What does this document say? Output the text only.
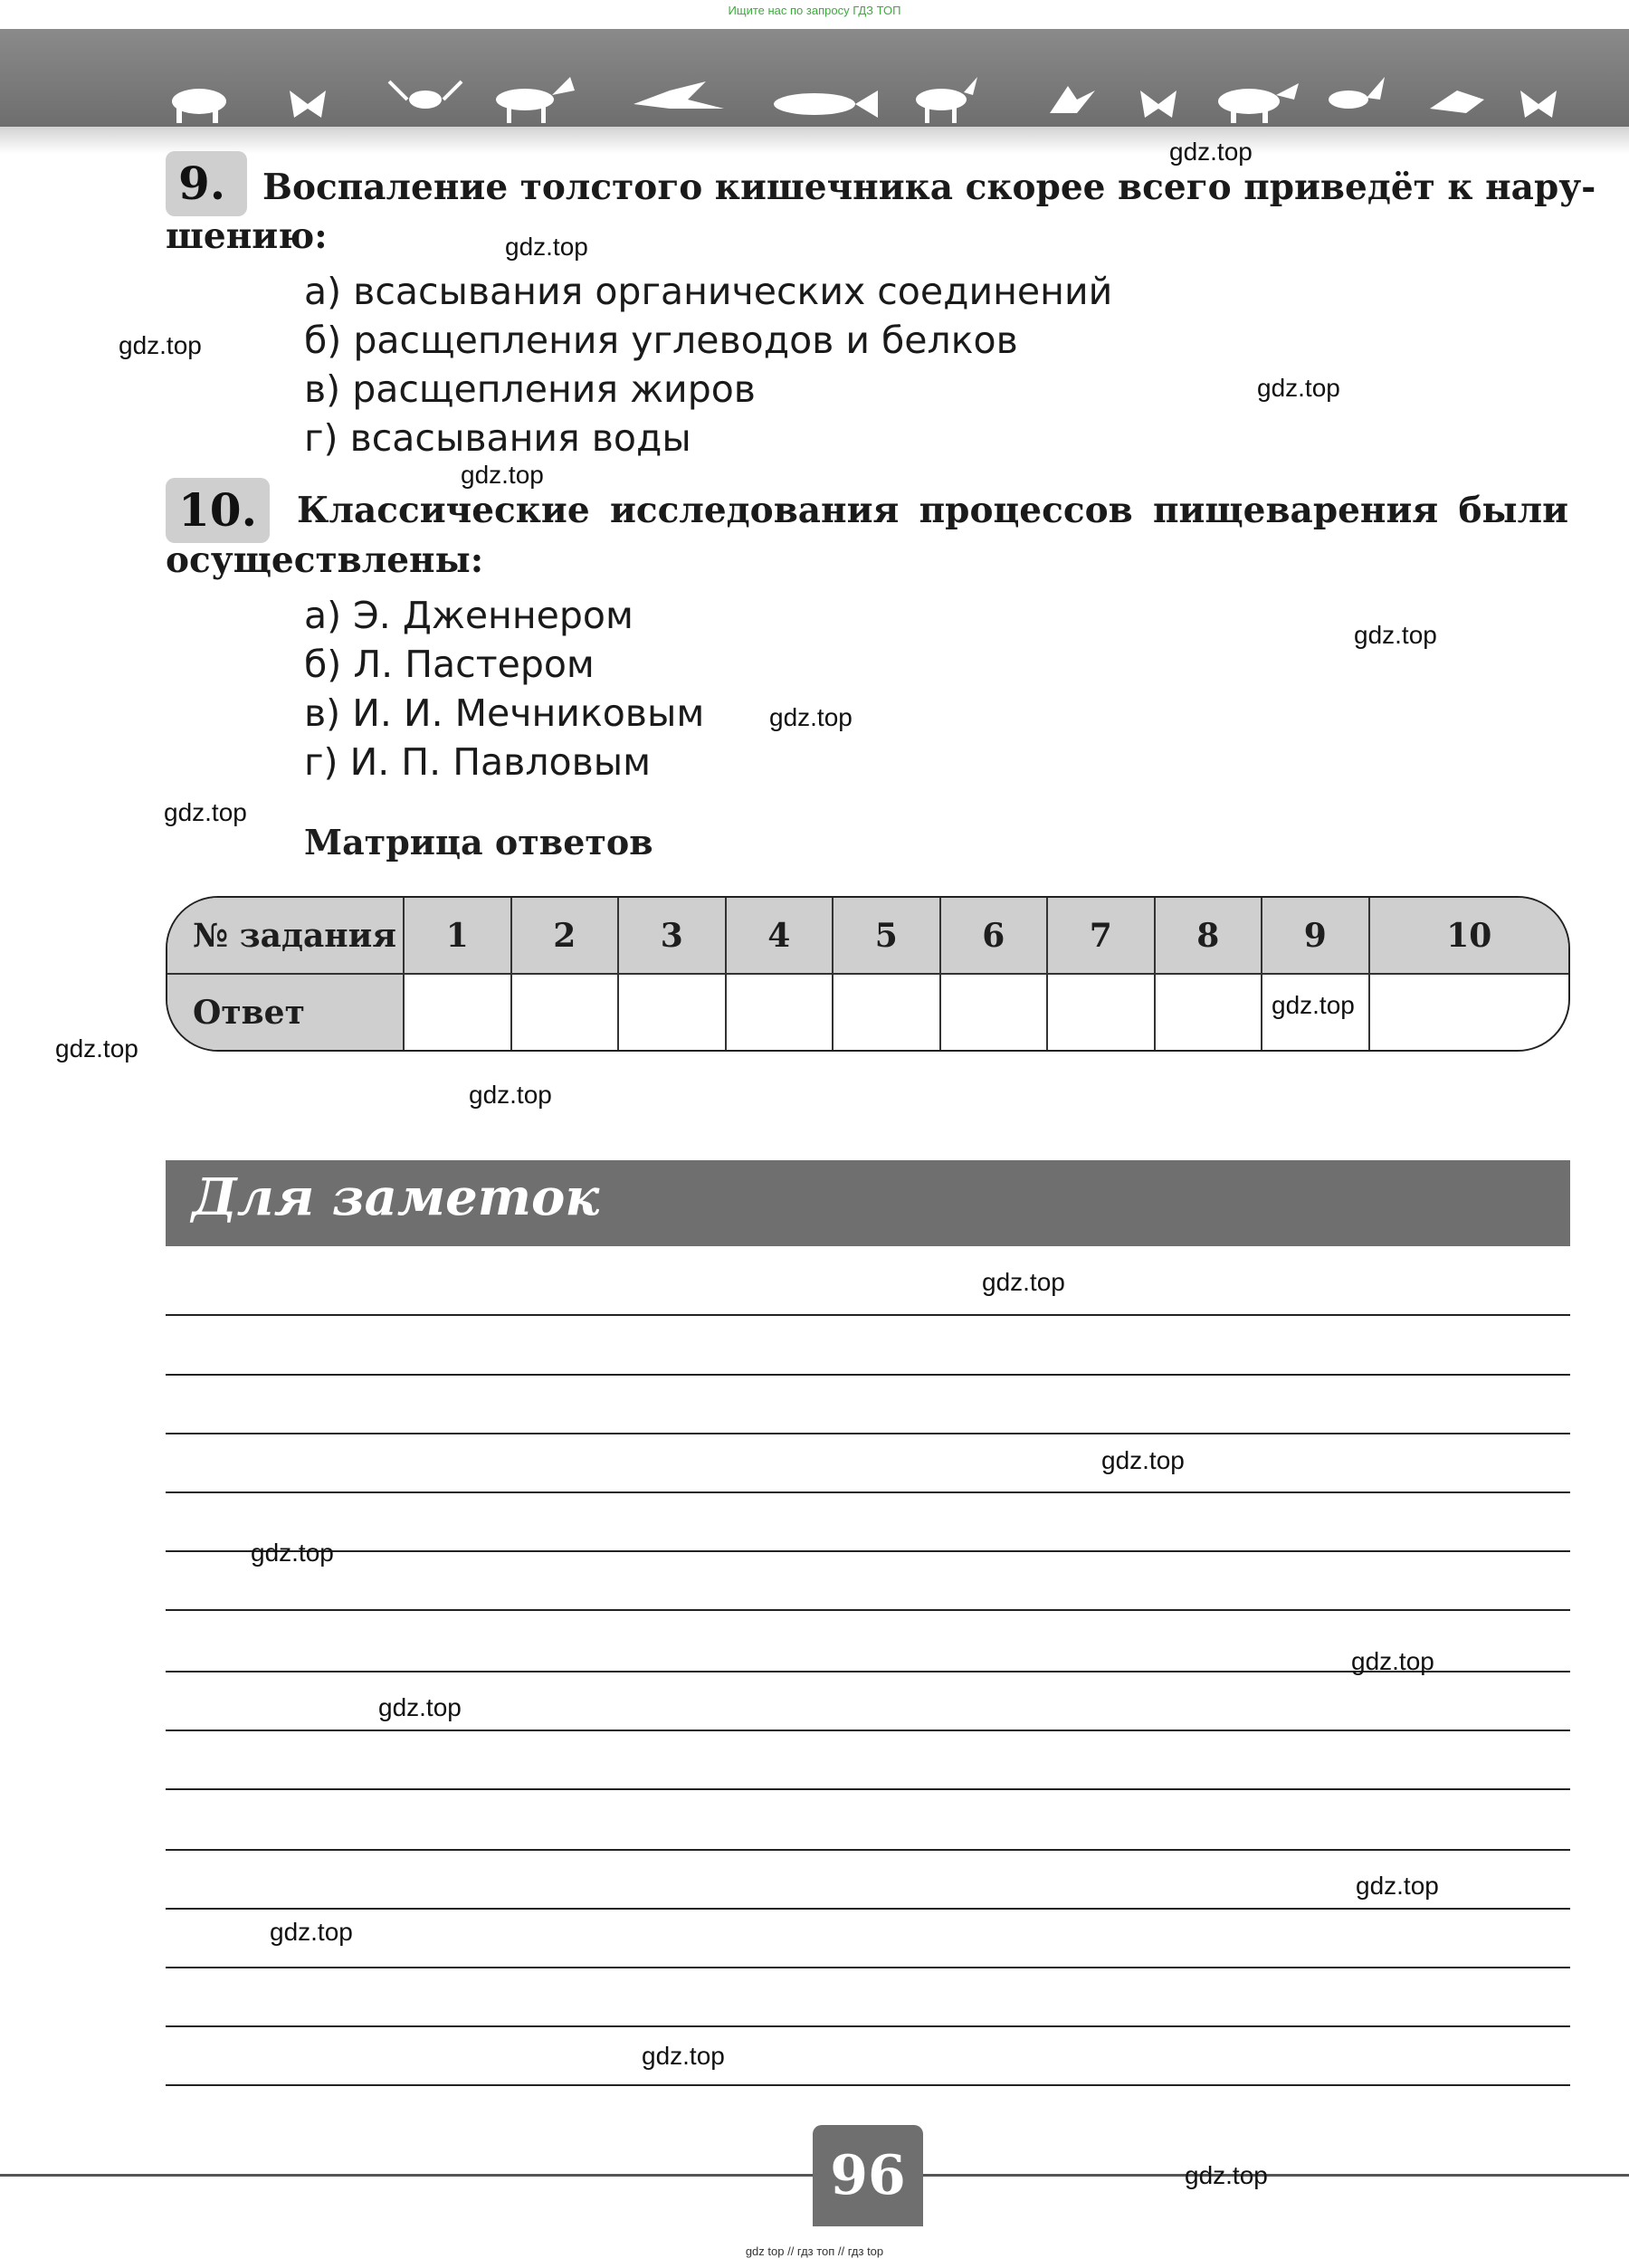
Ищите нас по запросу ГДЗ ТОП
9.	Воспаление толстого кишечника скорее всего приведёт к нару-
шению:
а) всасывания органических соединений
б) расщепления углеводов и белков
в) расщепления жиров
г) всасывания воды
10.	Классические исследования процессов пищеварения были
осуществлены:
а) Э. Дженнером
б) Л. Пастером
в) И. И. Мечниковым
г) И. П. Павловым
Матрица ответов
№ задания	1	2	3	4	5	6	7	8	9	10
Ответ										
Для заметок
96
gdz top // гдз топ // гдз top
gdz.top
gdz.top
gdz.top
gdz.top
gdz.top
gdz.top
gdz.top
gdz.top
gdz.top
gdz.top
gdz.top
gdz.top
gdz.top
gdz.top
gdz.top
gdz.top
gdz.top
gdz.top
gdz.top
gdz.top
